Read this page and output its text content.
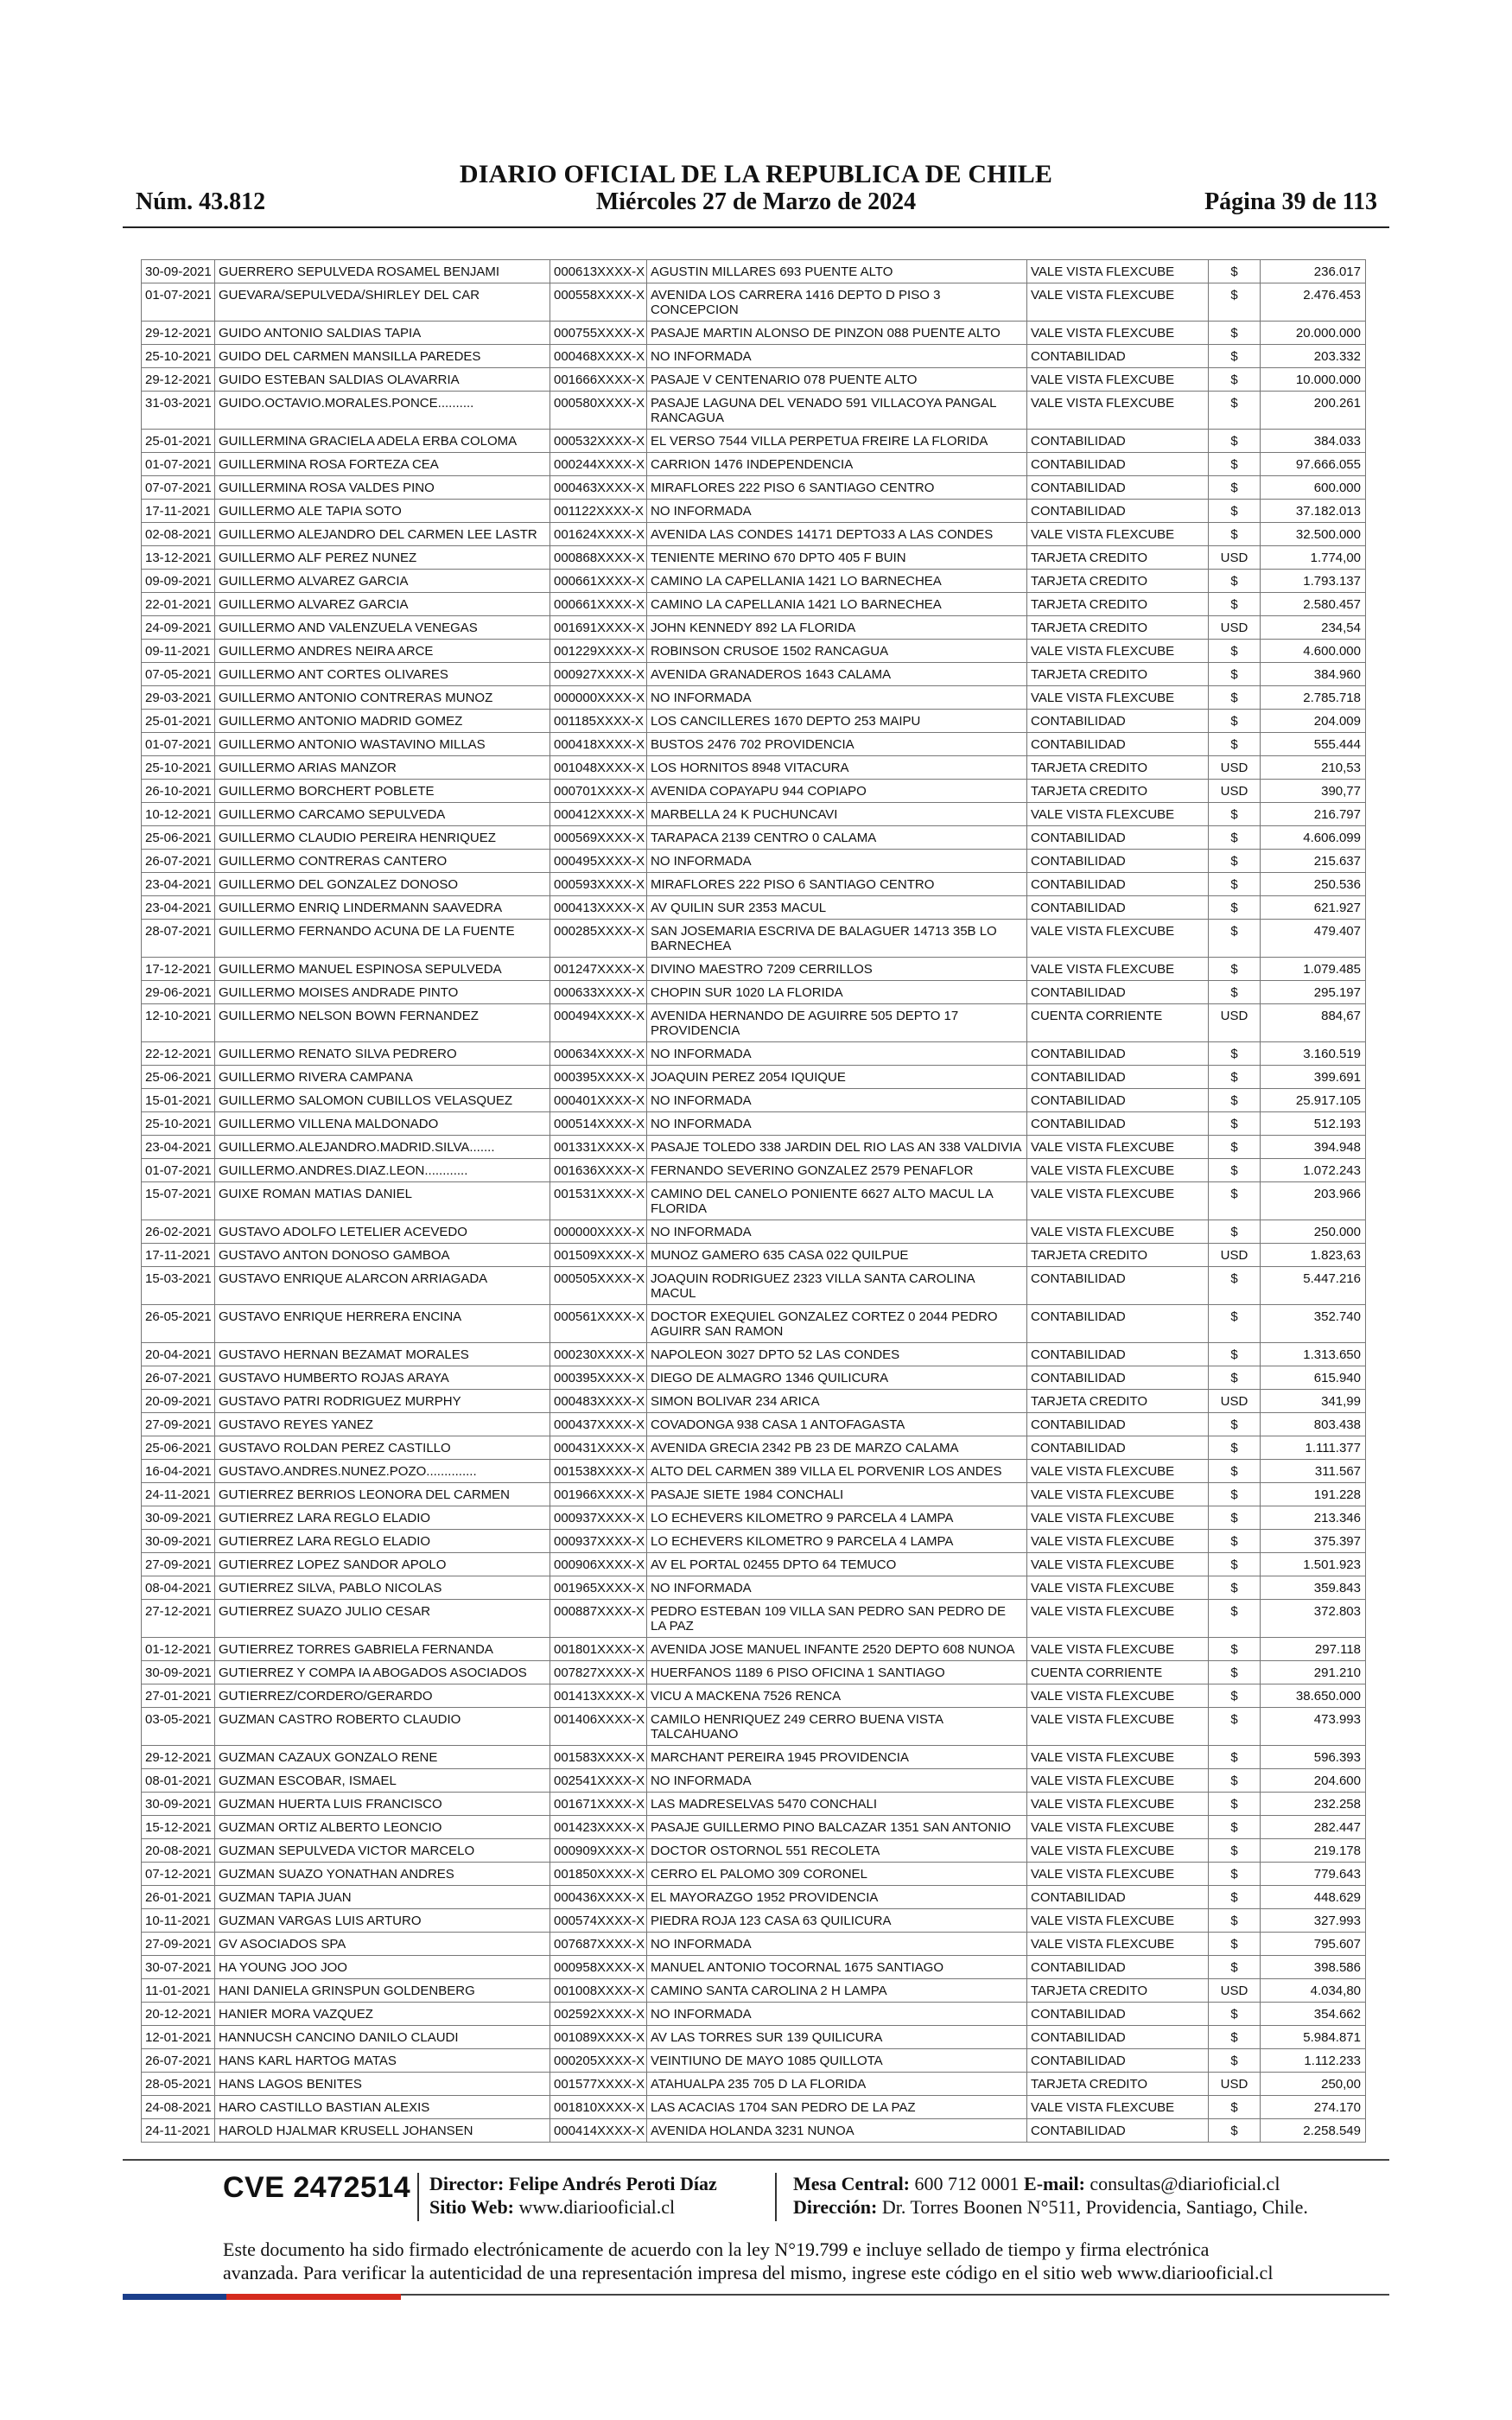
DIARIO OFICIAL DE LA REPUBLICA DE CHILE
Núm. 43.812	Miércoles 27 de Marzo de 2024	Página 39 de 113
30-09-2021	GUERRERO SEPULVEDA ROSAMEL BENJAMI	000613XXXX-X	AGUSTIN MILLARES 693 PUENTE ALTO	VALE VISTA FLEXCUBE	$	236.017
01-07-2021	GUEVARA/SEPULVEDA/SHIRLEY DEL CAR	000558XXXX-X	AVENIDA LOS CARRERA 1416 DEPTO D PISO 3 CONCEPCION	VALE VISTA FLEXCUBE	$	2.476.453
29-12-2021	GUIDO ANTONIO SALDIAS TAPIA	000755XXXX-X	PASAJE MARTIN ALONSO DE PINZON 088 PUENTE ALTO	VALE VISTA FLEXCUBE	$	20.000.000
25-10-2021	GUIDO DEL CARMEN MANSILLA PAREDES	000468XXXX-X	NO INFORMADA	CONTABILIDAD	$	203.332
29-12-2021	GUIDO ESTEBAN SALDIAS OLAVARRIA	001666XXXX-X	PASAJE V CENTENARIO 078 PUENTE ALTO	VALE VISTA FLEXCUBE	$	10.000.000
31-03-2021	GUIDO.OCTAVIO.MORALES.PONCE..........	000580XXXX-X	PASAJE LAGUNA DEL VENADO 591 VILLACOYA PANGAL RANCAGUA	VALE VISTA FLEXCUBE	$	200.261
25-01-2021	GUILLERMINA GRACIELA ADELA ERBA COLOMA	000532XXXX-X	EL VERSO 7544 VILLA PERPETUA FREIRE LA FLORIDA	CONTABILIDAD	$	384.033
01-07-2021	GUILLERMINA ROSA FORTEZA CEA	000244XXXX-X	CARRION 1476 INDEPENDENCIA	CONTABILIDAD	$	97.666.055
07-07-2021	GUILLERMINA ROSA VALDES PINO	000463XXXX-X	MIRAFLORES 222 PISO 6 SANTIAGO CENTRO	CONTABILIDAD	$	600.000
17-11-2021	GUILLERMO ALE TAPIA SOTO	001122XXXX-X	NO INFORMADA	CONTABILIDAD	$	37.182.013
02-08-2021	GUILLERMO ALEJANDRO DEL CARMEN LEE LASTR	001624XXXX-X	AVENIDA LAS CONDES 14171 DEPTO33 A LAS CONDES	VALE VISTA FLEXCUBE	$	32.500.000
13-12-2021	GUILLERMO ALF PEREZ NUNEZ	000868XXXX-X	TENIENTE MERINO 670 DPTO 405 F BUIN	TARJETA CREDITO	USD	1.774,00
09-09-2021	GUILLERMO ALVAREZ GARCIA	000661XXXX-X	CAMINO LA CAPELLANIA 1421 LO BARNECHEA	TARJETA CREDITO	$	1.793.137
22-01-2021	GUILLERMO ALVAREZ GARCIA	000661XXXX-X	CAMINO LA CAPELLANIA 1421 LO BARNECHEA	TARJETA CREDITO	$	2.580.457
24-09-2021	GUILLERMO AND VALENZUELA VENEGAS	001691XXXX-X	JOHN KENNEDY 892 LA FLORIDA	TARJETA CREDITO	USD	234,54
09-11-2021	GUILLERMO ANDRES NEIRA ARCE	001229XXXX-X	ROBINSON CRUSOE 1502 RANCAGUA	VALE VISTA FLEXCUBE	$	4.600.000
07-05-2021	GUILLERMO ANT CORTES OLIVARES	000927XXXX-X	AVENIDA GRANADEROS 1643 CALAMA	TARJETA CREDITO	$	384.960
29-03-2021	GUILLERMO ANTONIO CONTRERAS MUNOZ	000000XXXX-X	NO INFORMADA	VALE VISTA FLEXCUBE	$	2.785.718
25-01-2021	GUILLERMO ANTONIO MADRID GOMEZ	001185XXXX-X	LOS CANCILLERES 1670 DEPTO 253 MAIPU	CONTABILIDAD	$	204.009
01-07-2021	GUILLERMO ANTONIO WASTAVINO MILLAS	000418XXXX-X	BUSTOS 2476 702 PROVIDENCIA	CONTABILIDAD	$	555.444
25-10-2021	GUILLERMO ARIAS MANZOR	001048XXXX-X	LOS HORNITOS 8948 VITACURA	TARJETA CREDITO	USD	210,53
26-10-2021	GUILLERMO BORCHERT POBLETE	000701XXXX-X	AVENIDA COPAYAPU 944 COPIAPO	TARJETA CREDITO	USD	390,77
10-12-2021	GUILLERMO CARCAMO SEPULVEDA	000412XXXX-X	MARBELLA 24 K PUCHUNCAVI	VALE VISTA FLEXCUBE	$	216.797
25-06-2021	GUILLERMO CLAUDIO PEREIRA HENRIQUEZ	000569XXXX-X	TARAPACA 2139 CENTRO 0 CALAMA	CONTABILIDAD	$	4.606.099
26-07-2021	GUILLERMO CONTRERAS CANTERO	000495XXXX-X	NO INFORMADA	CONTABILIDAD	$	215.637
23-04-2021	GUILLERMO DEL GONZALEZ DONOSO	000593XXXX-X	MIRAFLORES 222 PISO 6 SANTIAGO CENTRO	CONTABILIDAD	$	250.536
23-04-2021	GUILLERMO ENRIQ LINDERMANN SAAVEDRA	000413XXXX-X	AV QUILIN SUR 2353 MACUL	CONTABILIDAD	$	621.927
28-07-2021	GUILLERMO FERNANDO ACUNA DE LA FUENTE	000285XXXX-X	SAN JOSEMARIA ESCRIVA DE BALAGUER 14713 35B LO BARNECHEA	VALE VISTA FLEXCUBE	$	479.407
17-12-2021	GUILLERMO MANUEL ESPINOSA SEPULVEDA	001247XXXX-X	DIVINO MAESTRO 7209 CERRILLOS	VALE VISTA FLEXCUBE	$	1.079.485
29-06-2021	GUILLERMO MOISES ANDRADE PINTO	000633XXXX-X	CHOPIN SUR 1020 LA FLORIDA	CONTABILIDAD	$	295.197
12-10-2021	GUILLERMO NELSON BOWN FERNANDEZ	000494XXXX-X	AVENIDA HERNANDO DE AGUIRRE 505 DEPTO 17 PROVIDENCIA	CUENTA CORRIENTE	USD	884,67
22-12-2021	GUILLERMO RENATO SILVA PEDRERO	000634XXXX-X	NO INFORMADA	CONTABILIDAD	$	3.160.519
25-06-2021	GUILLERMO RIVERA CAMPANA	000395XXXX-X	JOAQUIN PEREZ 2054 IQUIQUE	CONTABILIDAD	$	399.691
15-01-2021	GUILLERMO SALOMON CUBILLOS VELASQUEZ	000401XXXX-X	NO INFORMADA	CONTABILIDAD	$	25.917.105
25-10-2021	GUILLERMO VILLENA MALDONADO	000514XXXX-X	NO INFORMADA	CONTABILIDAD	$	512.193
23-04-2021	GUILLERMO.ALEJANDRO.MADRID.SILVA.......	001331XXXX-X	PASAJE TOLEDO 338 JARDIN DEL RIO LAS AN 338 VALDIVIA	VALE VISTA FLEXCUBE	$	394.948
01-07-2021	GUILLERMO.ANDRES.DIAZ.LEON............	001636XXXX-X	FERNANDO SEVERINO GONZALEZ 2579 PENAFLOR	VALE VISTA FLEXCUBE	$	1.072.243
15-07-2021	GUIXE ROMAN MATIAS DANIEL	001531XXXX-X	CAMINO DEL CANELO PONIENTE 6627 ALTO MACUL LA FLORIDA	VALE VISTA FLEXCUBE	$	203.966
26-02-2021	GUSTAVO ADOLFO LETELIER ACEVEDO	000000XXXX-X	NO INFORMADA	VALE VISTA FLEXCUBE	$	250.000
17-11-2021	GUSTAVO ANTON DONOSO GAMBOA	001509XXXX-X	MUNOZ GAMERO 635 CASA 022 QUILPUE	TARJETA CREDITO	USD	1.823,63
15-03-2021	GUSTAVO ENRIQUE ALARCON ARRIAGADA	000505XXXX-X	JOAQUIN RODRIGUEZ 2323 VILLA SANTA CAROLINA MACUL	CONTABILIDAD	$	5.447.216
26-05-2021	GUSTAVO ENRIQUE HERRERA ENCINA	000561XXXX-X	DOCTOR EXEQUIEL GONZALEZ CORTEZ 0 2044 PEDRO AGUIRR SAN RAMON	CONTABILIDAD	$	352.740
20-04-2021	GUSTAVO HERNAN BEZAMAT MORALES	000230XXXX-X	NAPOLEON 3027 DPTO 52 LAS CONDES	CONTABILIDAD	$	1.313.650
26-07-2021	GUSTAVO HUMBERTO ROJAS ARAYA	000395XXXX-X	DIEGO DE ALMAGRO 1346 QUILICURA	CONTABILIDAD	$	615.940
20-09-2021	GUSTAVO PATRI RODRIGUEZ MURPHY	000483XXXX-X	SIMON BOLIVAR 234 ARICA	TARJETA CREDITO	USD	341,99
27-09-2021	GUSTAVO REYES YANEZ	000437XXXX-X	COVADONGA 938 CASA 1 ANTOFAGASTA	CONTABILIDAD	$	803.438
25-06-2021	GUSTAVO ROLDAN PEREZ CASTILLO	000431XXXX-X	AVENIDA GRECIA 2342 PB 23 DE MARZO CALAMA	CONTABILIDAD	$	1.111.377
16-04-2021	GUSTAVO.ANDRES.NUNEZ.POZO..............	001538XXXX-X	ALTO DEL CARMEN 389 VILLA EL PORVENIR LOS ANDES	VALE VISTA FLEXCUBE	$	311.567
24-11-2021	GUTIERREZ BERRIOS LEONORA DEL CARMEN	001966XXXX-X	PASAJE SIETE 1984 CONCHALI	VALE VISTA FLEXCUBE	$	191.228
30-09-2021	GUTIERREZ LARA REGLO ELADIO	000937XXXX-X	LO ECHEVERS KILOMETRO 9 PARCELA 4 LAMPA	VALE VISTA FLEXCUBE	$	213.346
30-09-2021	GUTIERREZ LARA REGLO ELADIO	000937XXXX-X	LO ECHEVERS KILOMETRO 9 PARCELA 4 LAMPA	VALE VISTA FLEXCUBE	$	375.397
27-09-2021	GUTIERREZ LOPEZ SANDOR APOLO	000906XXXX-X	AV EL PORTAL 02455 DPTO 64 TEMUCO	VALE VISTA FLEXCUBE	$	1.501.923
08-04-2021	GUTIERREZ SILVA, PABLO NICOLAS	001965XXXX-X	NO INFORMADA	VALE VISTA FLEXCUBE	$	359.843
27-12-2021	GUTIERREZ SUAZO JULIO CESAR	000887XXXX-X	PEDRO ESTEBAN 109 VILLA SAN PEDRO SAN PEDRO DE LA PAZ	VALE VISTA FLEXCUBE	$	372.803
01-12-2021	GUTIERREZ TORRES GABRIELA FERNANDA	001801XXXX-X	AVENIDA JOSE MANUEL INFANTE 2520 DEPTO 608 NUNOA	VALE VISTA FLEXCUBE	$	297.118
30-09-2021	GUTIERREZ Y COMPA IA ABOGADOS ASOCIADOS	007827XXXX-X	HUERFANOS 1189 6 PISO OFICINA 1 SANTIAGO	CUENTA CORRIENTE	$	291.210
27-01-2021	GUTIERREZ/CORDERO/GERARDO	001413XXXX-X	VICU A MACKENA 7526 RENCA	VALE VISTA FLEXCUBE	$	38.650.000
03-05-2021	GUZMAN CASTRO ROBERTO CLAUDIO	001406XXXX-X	CAMILO HENRIQUEZ 249 CERRO BUENA VISTA TALCAHUANO	VALE VISTA FLEXCUBE	$	473.993
29-12-2021	GUZMAN CAZAUX GONZALO RENE	001583XXXX-X	MARCHANT PEREIRA 1945 PROVIDENCIA	VALE VISTA FLEXCUBE	$	596.393
08-01-2021	GUZMAN ESCOBAR, ISMAEL	002541XXXX-X	NO INFORMADA	VALE VISTA FLEXCUBE	$	204.600
30-09-2021	GUZMAN HUERTA LUIS FRANCISCO	001671XXXX-X	LAS MADRESELVAS 5470 CONCHALI	VALE VISTA FLEXCUBE	$	232.258
15-12-2021	GUZMAN ORTIZ ALBERTO LEONCIO	001423XXXX-X	PASAJE GUILLERMO PINO BALCAZAR 1351 SAN ANTONIO	VALE VISTA FLEXCUBE	$	282.447
20-08-2021	GUZMAN SEPULVEDA VICTOR MARCELO	000909XXXX-X	DOCTOR OSTORNOL 551 RECOLETA	VALE VISTA FLEXCUBE	$	219.178
07-12-2021	GUZMAN SUAZO YONATHAN ANDRES	001850XXXX-X	CERRO EL PALOMO 309 CORONEL	VALE VISTA FLEXCUBE	$	779.643
26-01-2021	GUZMAN TAPIA JUAN	000436XXXX-X	EL MAYORAZGO 1952 PROVIDENCIA	CONTABILIDAD	$	448.629
10-11-2021	GUZMAN VARGAS LUIS ARTURO	000574XXXX-X	PIEDRA ROJA 123 CASA 63 QUILICURA	VALE VISTA FLEXCUBE	$	327.993
27-09-2021	GV ASOCIADOS SPA	007687XXXX-X	NO INFORMADA	VALE VISTA FLEXCUBE	$	795.607
30-07-2021	HA YOUNG JOO JOO	000958XXXX-X	MANUEL ANTONIO TOCORNAL 1675 SANTIAGO	CONTABILIDAD	$	398.586
11-01-2021	HANI DANIELA GRINSPUN GOLDENBERG	001008XXXX-X	CAMINO SANTA CAROLINA 2 H LAMPA	TARJETA CREDITO	USD	4.034,80
20-12-2021	HANIER MORA VAZQUEZ	002592XXXX-X	NO INFORMADA	CONTABILIDAD	$	354.662
12-01-2021	HANNUCSH CANCINO DANILO CLAUDI	001089XXXX-X	AV LAS TORRES SUR 139 QUILICURA	CONTABILIDAD	$	5.984.871
26-07-2021	HANS KARL HARTOG MATAS	000205XXXX-X	VEINTIUNO DE MAYO 1085 QUILLOTA	CONTABILIDAD	$	1.112.233
28-05-2021	HANS LAGOS BENITES	001577XXXX-X	ATAHUALPA 235 705 D LA FLORIDA	TARJETA CREDITO	USD	250,00
24-08-2021	HARO CASTILLO BASTIAN ALEXIS	001810XXXX-X	LAS ACACIAS 1704 SAN PEDRO DE LA PAZ	VALE VISTA FLEXCUBE	$	274.170
24-11-2021	HAROLD HJALMAR KRUSELL JOHANSEN	000414XXXX-X	AVENIDA HOLANDA 3231 NUNOA	CONTABILIDAD	$	2.258.549
CVE 2472514 Director: Felipe Andrés Peroti Díaz
Sitio Web: www.diariooficial.cl
Mesa Central: 600 712 0001 E-mail: consultas@diarioficial.cl
Dirección: Dr. Torres Boonen N°511, Providencia, Santiago, Chile.
Este documento ha sido firmado electrónicamente de acuerdo con la ley N°19.799 e incluye sellado de tiempo y firma electrónica
avanzada. Para verificar la autenticidad de una representación impresa del mismo, ingrese este código en el sitio web www.diariooficial.cl
